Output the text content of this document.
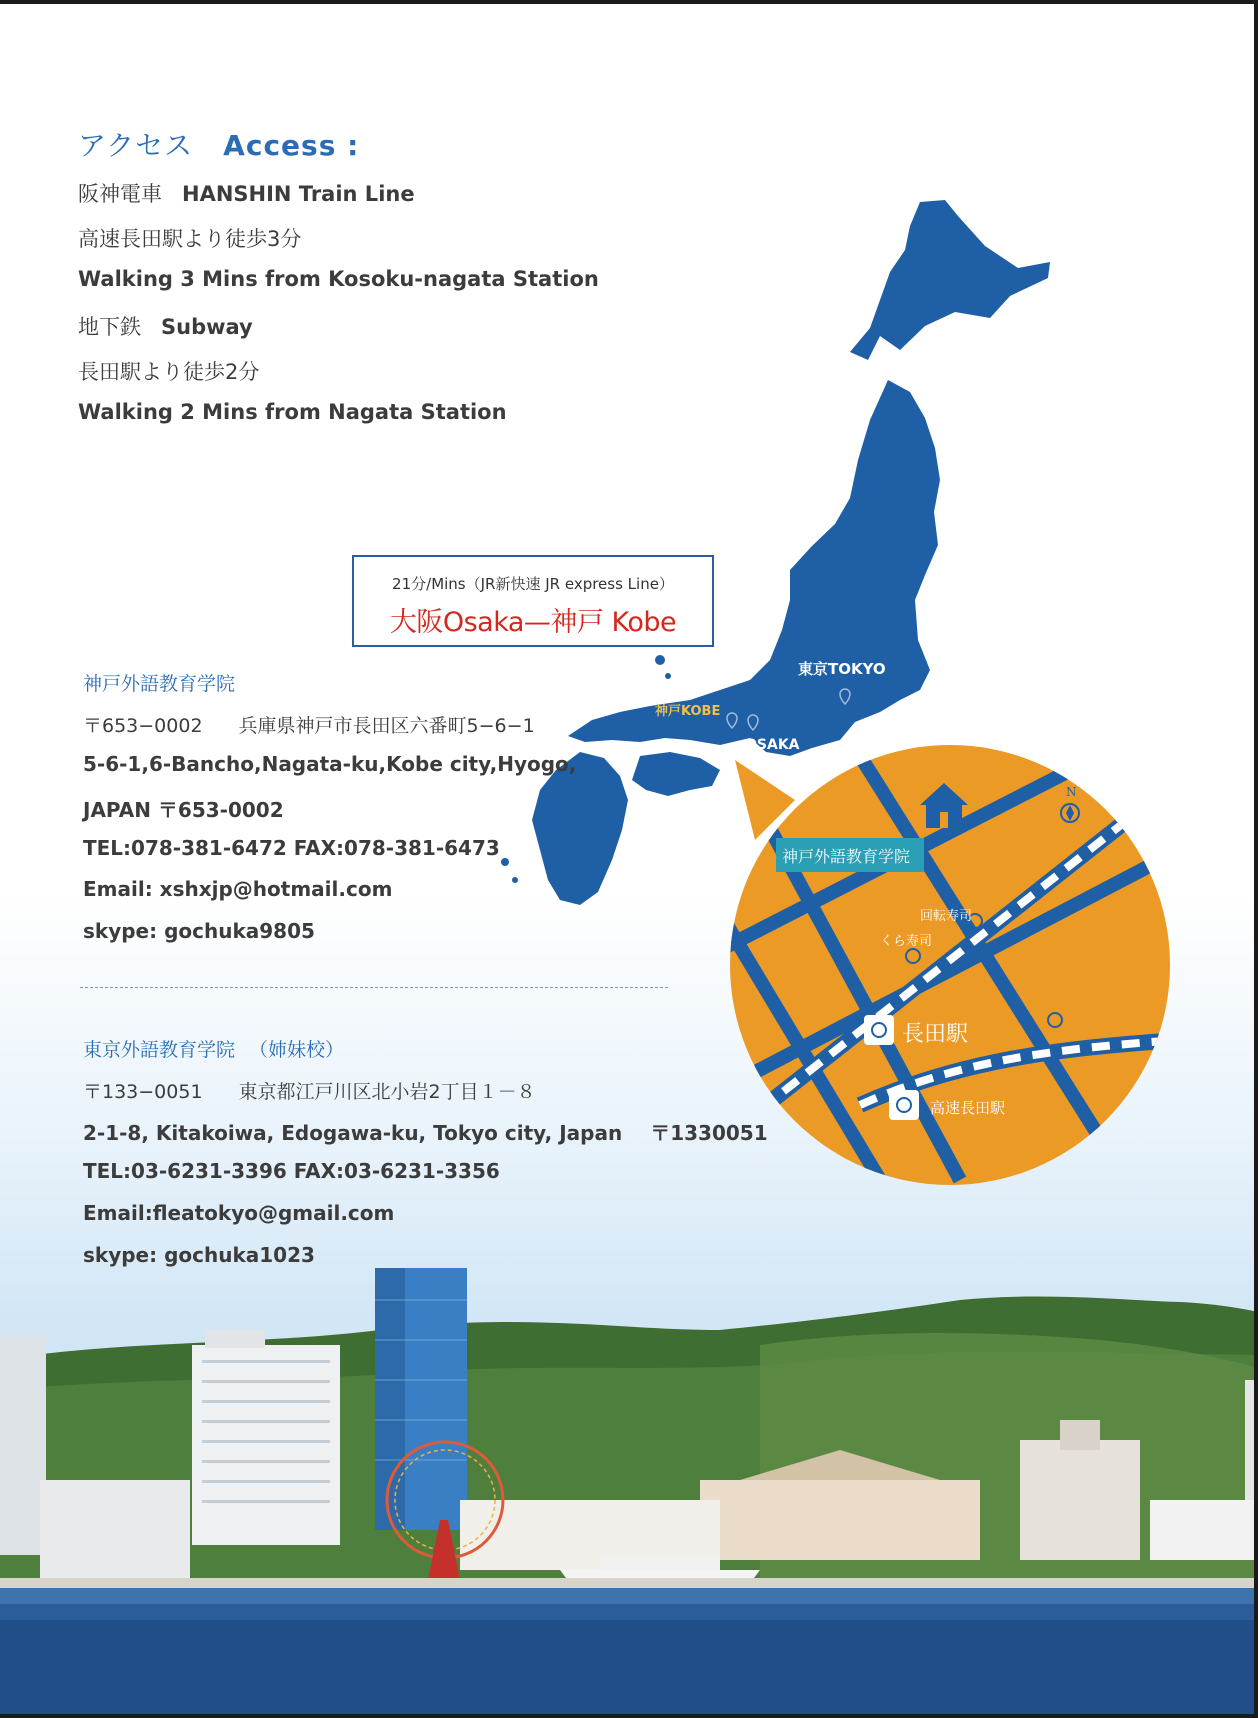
アクセス Access :
阪神電車 HANSHIN Train Line
高速長田駅より徒歩3分
Walking 3 Mins from Kosoku-nagata Station
地下鉄 Subway
長田駅より徒歩2分
Walking 2 Mins from Nagata Station
東京TOKYO
神戸KOBE
OSAKA
N
神戸外語教育学院
回転寿司
くら寿司
長田駅
高速長田駅
21分/Mins（JR新快速 JR express Line）
大阪Osaka—神戸 Kobe
神戸外語教育学院
〒653−0002 兵庫県神戸市長田区六番町5−6−1
5-6-1,6-Bancho,Nagata-ku,Kobe city,Hyogo,
JAPAN 〒653-0002
TEL:078-381-6472 FAX:078-381-6473
Email: xshxjp@hotmail.com
skype: gochuka9805
東京外語教育学院 （姉妹校）
〒133−0051 東京都江戸川区北小岩2丁目１－８
2-1-8, Kitakoiwa, Edogawa-ku, Tokyo city, Japan 〒1330051
TEL:03-6231-3396 FAX:03-6231-3356
Email:fleatokyo@gmail.com
skype: gochuka1023
